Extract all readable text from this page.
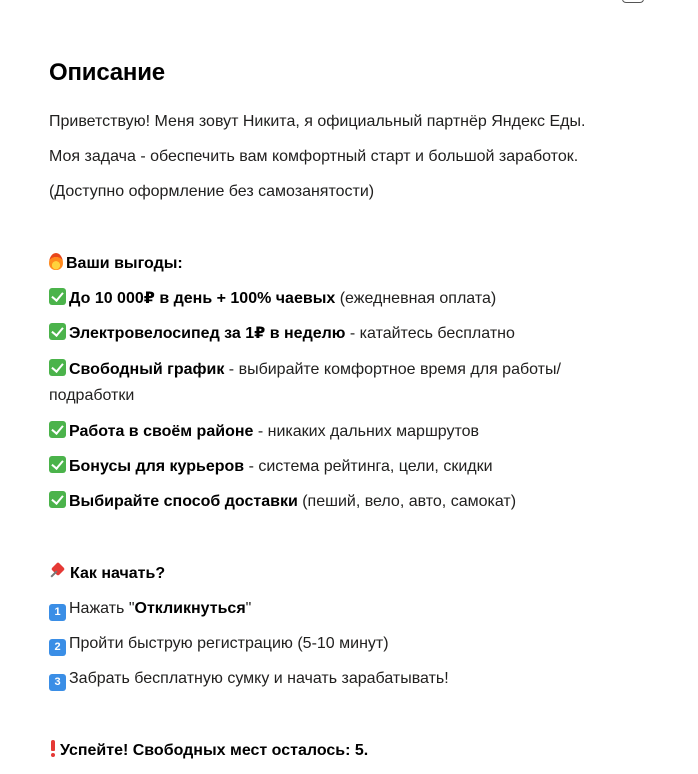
Описание
Приветствую! Меня зовут Никита, я официальный партнёр Яндекс Еды.
Моя задача - обеспечить вам комфортный старт и большой заработок.
(Доступно оформление без самозанятости)
Ваши выгоды:
До 10 000₽ в день + 100% чаевых (ежедневная оплата)
Электровелосипед за 1₽ в неделю - катайтесь бесплатно
Свободный график - выбирайте комфортное время для работы/подработки
Работа в своём районе - никаких дальних маршрутов
Бонусы для курьеров - система рейтинга, цели, скидки
Выбирайте способ доставки (пеший, вело, авто, самокат)
Как начать?
1 Нажать "Откликнуться"
2 Пройти быструю регистрацию (5-10 минут)
3 Забрать бесплатную сумку и начать зарабатывать!
Успейте! Свободных мест осталось: 5.
